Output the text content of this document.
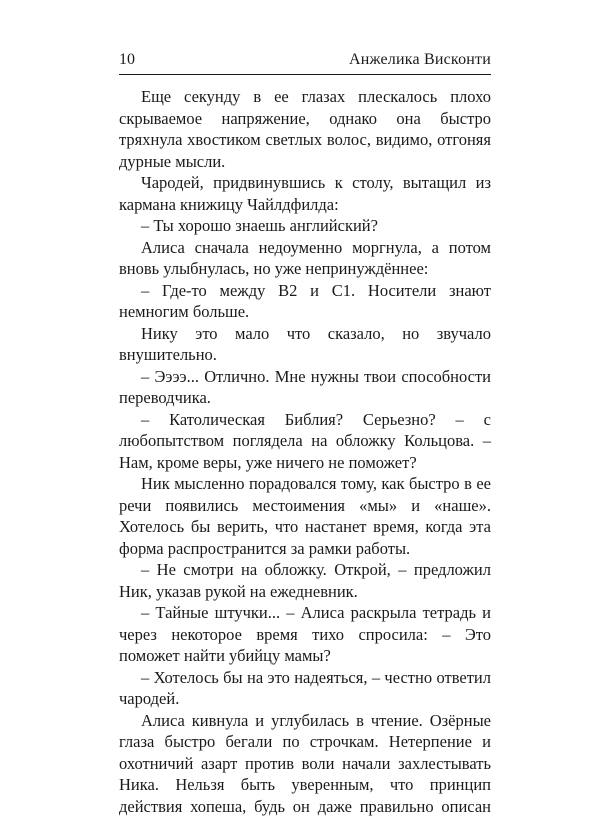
10	Анжелика Висконти

Еще секунду в ее глазах плескалось плохо скрываемое напряжение, однако она быстро тряхнула хвостиком светлых волос, видимо, отгоняя дурные мысли.

Чародей, придвинувшись к столу, вытащил из кармана книжицу Чайлдфилда:

– Ты хорошо знаешь английский?

Алиса сначала недоуменно моргнула, а потом вновь улыбнулась, но уже непринуждённее:

– Где-то между B2 и C1. Носители знают немногим больше.

Нику это мало что сказало, но звучало внушительно.

– Ээээ... Отлично. Мне нужны твои способности переводчика.

– Католическая Библия? Серьезно? – с любопытством поглядела на обложку Кольцова. – Нам, кроме веры, уже ничего не поможет?

Ник мысленно порадовался тому, как быстро в ее речи появились местоимения «мы» и «наше». Хотелось бы верить, что настанет время, когда эта форма распространится за рамки работы.

– Не смотри на обложку. Открой, – предложил Ник, указав рукой на ежедневник.

– Тайные штучки... – Алиса раскрыла тетрадь и через некоторое время тихо спросила: – Это поможет найти убийцу мамы?

– Хотелось бы на это надеяться, – честно ответил чародей.

Алиса кивнула и углубилась в чтение. Озёрные глаза быстро бегали по строчкам. Нетерпение и охотничий азарт против воли начали захлестывать Ника. Нельзя быть уверенным, что принцип действия хопеша, будь он даже правильно описан
